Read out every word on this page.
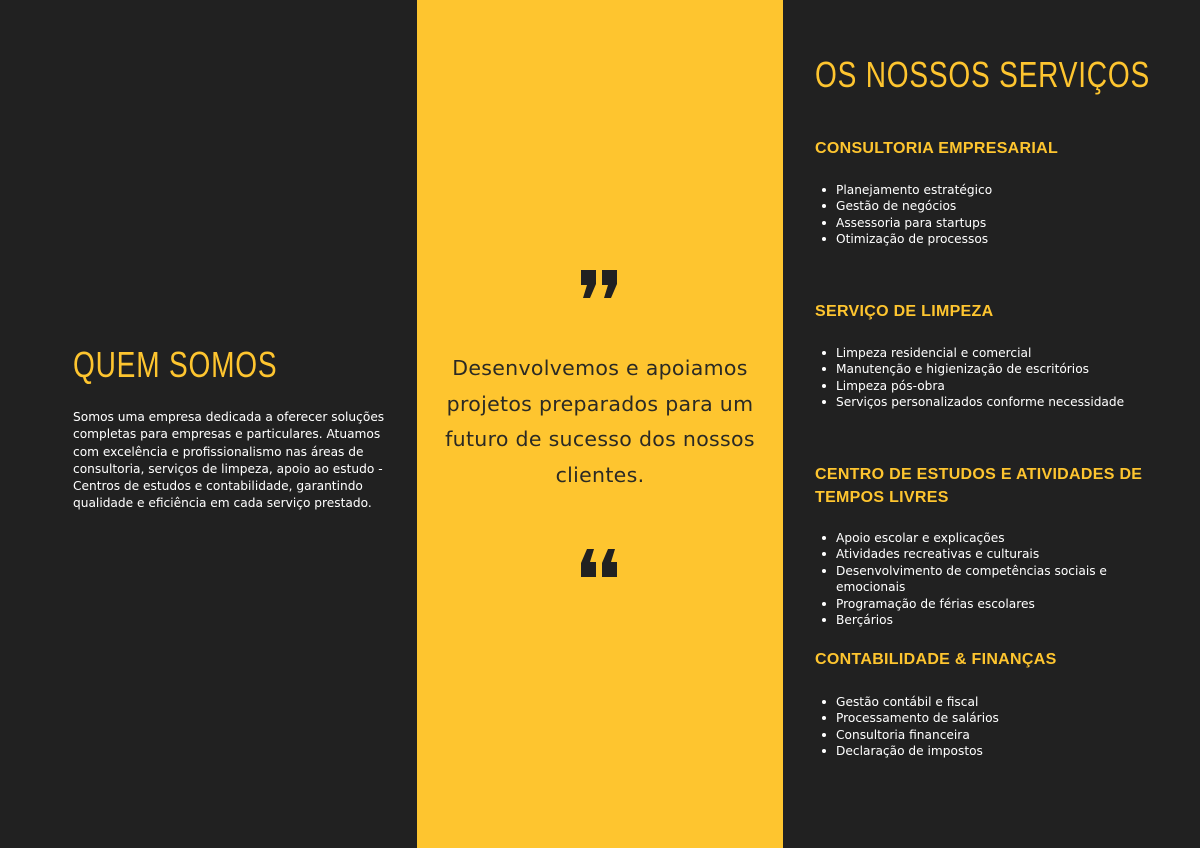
QUEM SOMOS

Somos uma empresa dedicada a oferecer soluções completas para empresas e particulares. Atuamos com excelência e profissionalismo nas áreas de consultoria, serviços de limpeza, apoio ao estudo - Centros de estudos e contabilidade, garantindo qualidade e eficiência em cada serviço prestado.

Desenvolvemos e apoiamos projetos preparados para um futuro de sucesso dos nossos clientes.

OS NOSSOS SERVIÇOS
CONSULTORIA EMPRESARIAL
Planejamento estratégico
Gestão de negócios
Assessoria para startups
Otimização de processos
SERVIÇO DE LIMPEZA
Limpeza residencial e comercial
Manutenção e higienização de escritórios
Limpeza pós-obra
Serviços personalizados conforme necessidade
CENTRO DE ESTUDOS E ATIVIDADES DE TEMPOS LIVRES
Apoio escolar e explicações
Atividades recreativas e culturais
Desenvolvimento de competências sociais e emocionais
Programação de férias escolares
Berçários
CONTABILIDADE & FINANÇAS
Gestão contábil e fiscal
Processamento de salários
Consultoria financeira
Declaração de impostos
